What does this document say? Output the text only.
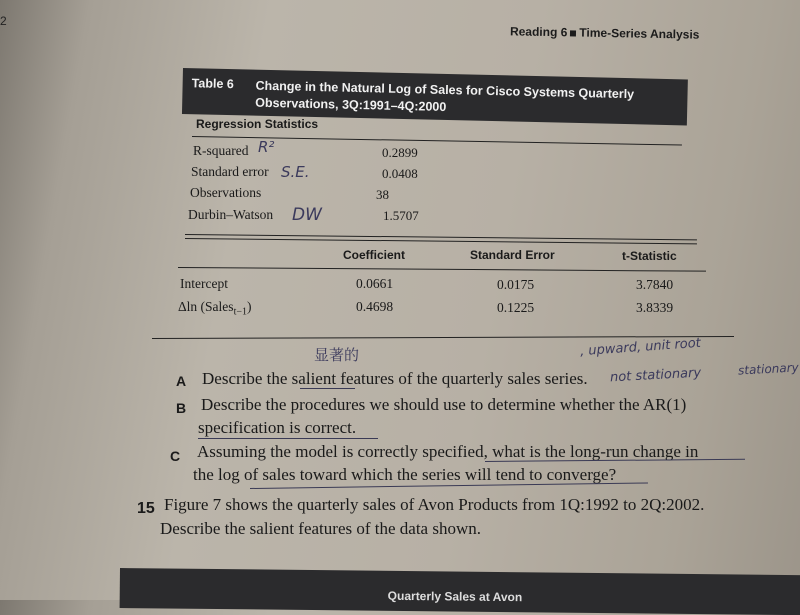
2
Reading 6 Time-Series Analysis
Table 6 Change in the Natural Log of Sales for Cisco Systems Quarterly Observations, 3Q:1991–4Q:2000
Regression Statistics
R-squared R²	0.2899
Standard error S.E.	0.0408
Observations	38
Durbin–Watson DW	1.5707
Coefficient	Standard Error	t-Statistic
Intercept	0.0661	0.0175	3.7840
Δln (Sales$_{t-1}$)	0.4698	0.1225	3.8339
显著的	, upward, unit root
A Describe the salient features of the quarterly sales series. not stationary	stationary
B Describe the procedures we should use to determine whether the AR(1)
specification is correct.
C Assuming the model is correctly specified, what is the long-run change in
the log of sales toward which the series will tend to converge?
15 Figure 7 shows the quarterly sales of Avon Products from 1Q:1992 to 2Q:2002.
Describe the salient features of the data shown.
Quarterly Sales at Avon
